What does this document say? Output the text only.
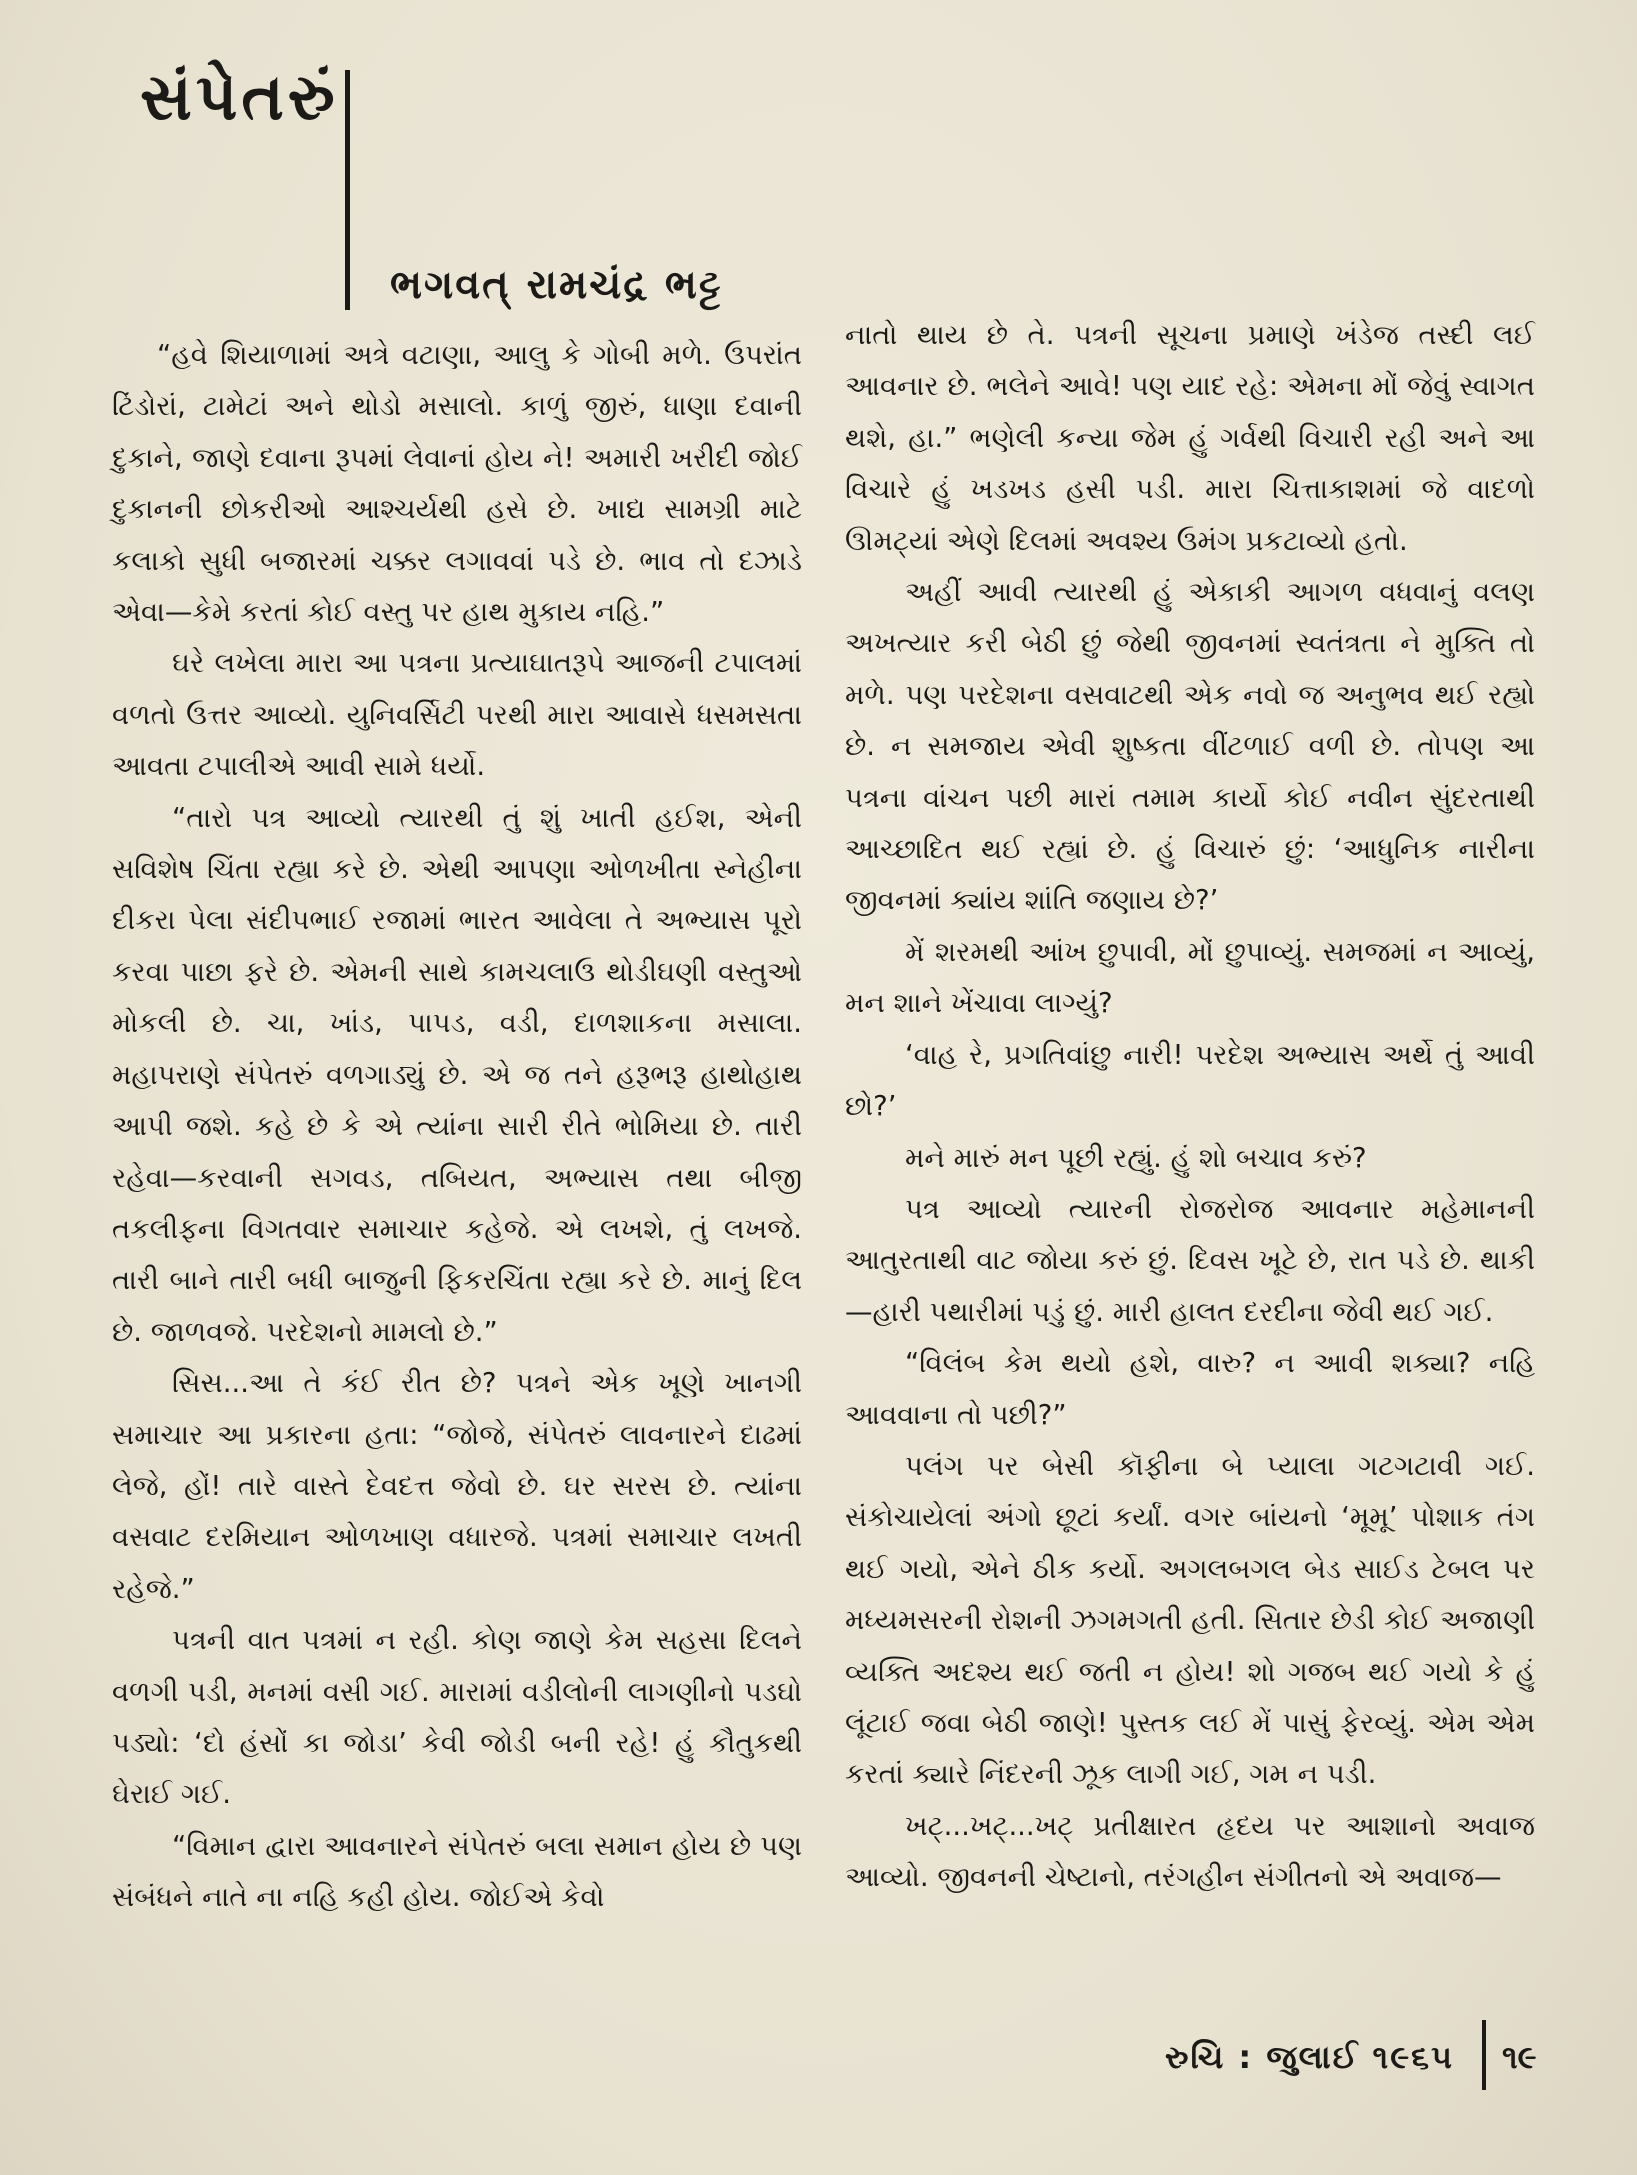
સંપેતરું
ભગવત્ રામચંદ્ર ભટ્ટ

“હવે શિયાળામાં અત્રે વટાણા, આલુ કે ગોબી મળે. ઉપરાંત ટિંડોરાં, ટામેટાં અને થોડો મસાલો. કાળું જીરું, ધાણા દવાની દુકાને, જાણે દવાના રૂપમાં લેવાનાં હોય ને! અમારી ખરીદી જોઈ દુકાનની છોકરીઓ આશ્ચર્યથી હસે છે. ખાદ્ય સામગ્રી માટે કલાકો સુધી બજારમાં ચક્કર લગાવવાં પડે છે. ભાવ તો દઝાડે એવા—કેમે કરતાં કોઈ વસ્તુ પર હાથ મુકાય નહિ.”

ઘરે લખેલા મારા આ પત્રના પ્રત્યાઘાતરૂપે આજની ટપાલમાં વળતો ઉત્તર આવ્યો. યુનિવર્સિટી પરથી મારા આવાસે ધસમસતા આવતા ટપાલીએ આવી સામે ધર્યો.

“તારો પત્ર આવ્યો ત્યારથી તું શું ખાતી હઈશ, એની સવિશેષ ચિંતા રહ્યા કરે છે. એથી આપણા ઓળખીતા સ્નેહીના દીકરા પેલા સંદીપભાઈ રજામાં ભારત આવેલા તે અભ્યાસ પૂરો કરવા પાછા ફરે છે. એમની સાથે કામચલાઉ થોડીઘણી વસ્તુઓ મોકલી છે. ચા, ખાંડ, પાપડ, વડી, દાળશાકના મસાલા. મહાપરાણે સંપેતરું વળગાડ્યું છે. એ જ તને હરૂભરૂ હાથોહાથ આપી જશે. કહે છે કે એ ત્યાંના સારી રીતે ભોમિયા છે. તારી રહેવા—કરવાની સગવડ, તબિયત, અભ્યાસ તથા બીજી તકલીફના વિગતવાર સમાચાર કહેજે. એ લખશે, તું લખજે. તારી બાને તારી બધી બાજુની ફિકરચિંતા રહ્યા કરે છે. માનું દિલ છે. જાળવજે. પરદેશનો મામલો છે.”

સિસ...આ તે કંઈ રીત છે? પત્રને એક ખૂણે ખાનગી સમાચાર આ પ્રકારના હતા: “જોજે, સંપેતરું લાવનારને દાઢમાં લેજે, હોં! તારે વાસ્તે દેવદત્ત જેવો છે. ઘર સરસ છે. ત્યાંના વસવાટ દરમિયાન ઓળખાણ વધારજે. પત્રમાં સમાચાર લખતી રહેજે.”

પત્રની વાત પત્રમાં ન રહી. કોણ જાણે કેમ સહસા દિલને વળગી પડી, મનમાં વસી ગઈ. મારામાં વડીલોની લાગણીનો પડઘો પડ્યો: ‘દો હંસોં કા જોડા’ કેવી જોડી બની રહે! હું કૌતુકથી ઘેરાઈ ગઈ.

“વિમાન દ્વારા આવનારને સંપેતરું બલા સમાન હોય છે પણ સંબંધને નાતે ના નહિ કહી હોય. જોઈએ કેવો

નાતો થાય છે તે. પત્રની સૂચના પ્રમાણે ખંડેજ તસ્દી લઈ આવનાર છે. ભલેને આવે! પણ યાદ રહે: એમના મોં જેવું સ્વાગત થશે, હા.” ભણેલી કન્યા જેમ હું ગર્વથી વિચારી રહી અને આ વિચારે હું ખડખડ હસી પડી. મારા ચિત્તાકાશમાં જે વાદળો ઊમટ્યાં એણે દિલમાં અવશ્ય ઉમંગ પ્રકટાવ્યો હતો.

અહીં આવી ત્યારથી હું એકાકી આગળ વધવાનું વલણ અખત્યાર કરી બેઠી છું જેથી જીવનમાં સ્વતંત્રતા ને મુક્તિ તો મળે. પણ પરદેશના વસવાટથી એક નવો જ અનુભવ થઈ રહ્યો છે. ન સમજાય એવી શુષ્કતા વીંટળાઈ વળી છે. તોપણ આ પત્રના વાંચન પછી મારાં તમામ કાર્યો કોઈ નવીન સુંદરતાથી આચ્છાદિત થઈ રહ્યાં છે. હું વિચારું છું: ‘આધુનિક નારીના જીવનમાં ક્યાંય શાંતિ જણાય છે?’

મેં શરમથી આંખ છુપાવી, મોં છુપાવ્યું. સમજમાં ન આવ્યું, મન શાને ખેંચાવા લાગ્યું?

‘વાહ રે, પ્રગતિવાંછુ નારી! પરદેશ અભ્યાસ અર્થે તું આવી છો?’

મને મારું મન પૂછી રહ્યું. હું શો બચાવ કરું?

પત્ર આવ્યો ત્યારની રોજરોજ આવનાર મહેમાનની આતુરતાથી વાટ જોયા કરું છું. દિવસ ખૂટે છે, રાત પડે છે. થાકી—હારી પથારીમાં પડું છું. મારી હાલત દરદીના જેવી થઈ ગઈ.

“વિલંબ કેમ થયો હશે, વારુ? ન આવી શક્યા? નહિ આવવાના તો પછી?”

પલંગ પર બેસી કૉફીના બે પ્યાલા ગટગટાવી ગઈ. સંકોચાયેલાં અંગો છૂટાં કર્યાં. વગર બાંયનો ‘મૂમૂ’ પોશાક તંગ થઈ ગયો, એને ઠીક કર્યો. અગલબગલ બેડ સાઈડ ટેબલ પર મધ્યમસરની રોશની ઝગમગતી હતી. સિતાર છેડી કોઈ અજાણી વ્યક્તિ અદશ્ય થઈ જતી ન હોય! શો ગજબ થઈ ગયો કે હું લૂંટાઈ જવા બેઠી જાણે! પુસ્તક લઈ મેં પાસું ફેરવ્યું. એમ એમ કરતાં ક્યારે નિંદરની ઝૂક લાગી ગઈ, ગમ ન પડી.

ખટ્...ખટ્...ખટ્ પ્રતીક્ષારત હૃદય પર આશાનો અવાજ આવ્યો. જીવનની ચેષ્ટાનો, તરંગહીન સંગીતનો એ અવાજ—

રુચિ : જુલાઈ ૧૯૬૫ ૧૯
